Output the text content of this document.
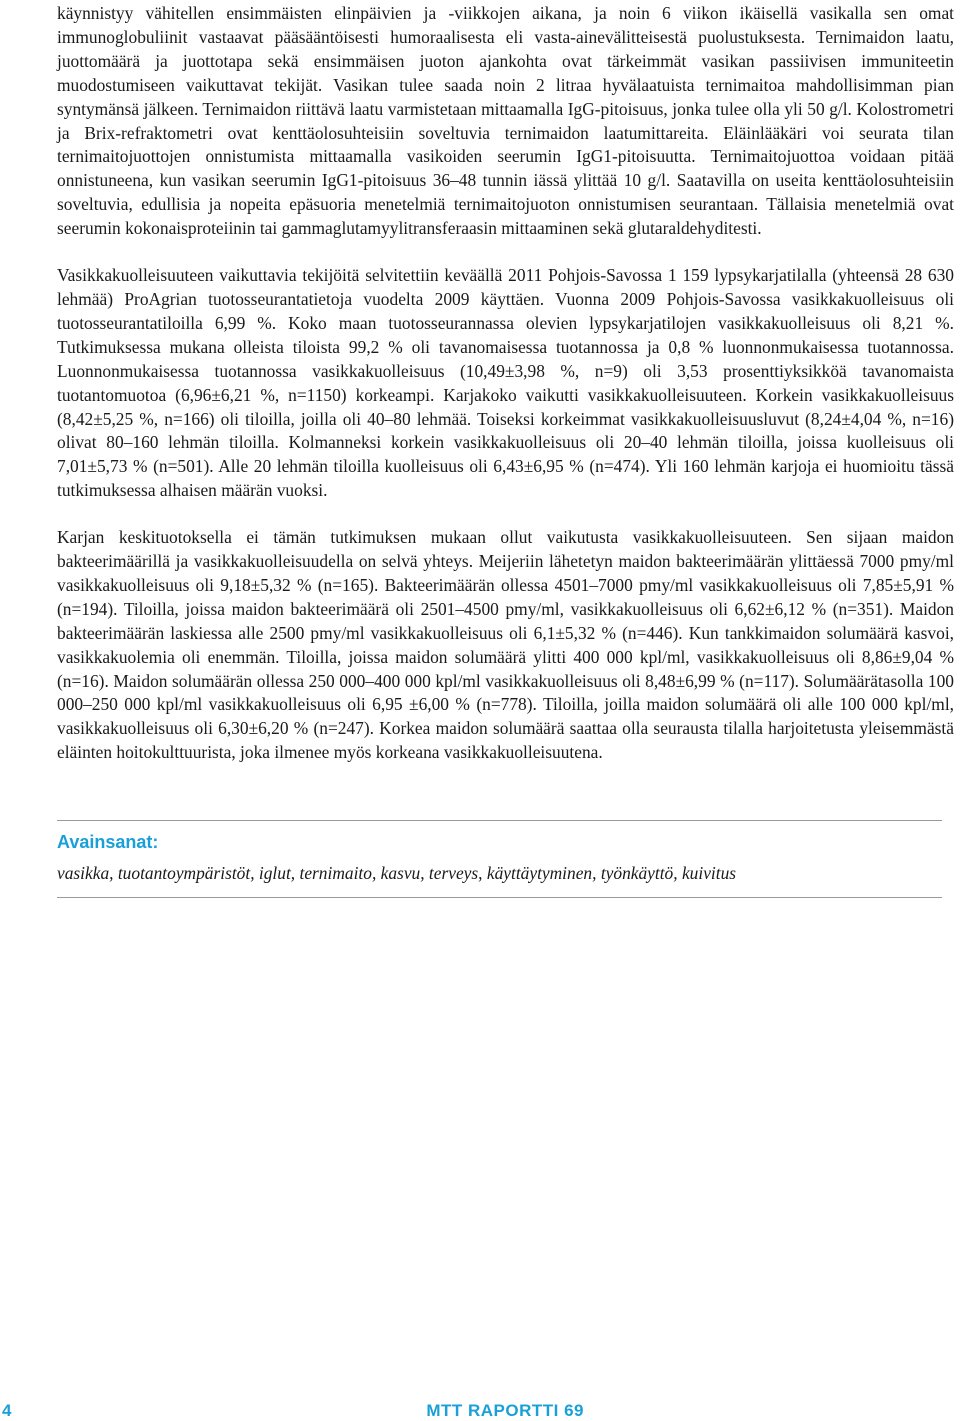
käynnistyy vähitellen ensimmäisten elinpäivien ja -viikkojen aikana, ja noin 6 viikon ikäisellä vasikalla sen omat immunoglobuliinit vastaavat pääsääntöisesti humoraalisesta eli vasta-ainevälitteisestä puolustuksesta. Ternimaidon laatu, juottomäärä ja juottotapa sekä ensimmäisen juoton ajankohta ovat tärkeimmät vasikan passiivisen immuniteetin muodostumiseen vaikuttavat tekijät. Vasikan tulee saada noin 2 litraa hyvälaatuista ternimaitoa mahdollisimman pian syntymänsä jälkeen. Ternimaidon riittävä laatu varmistetaan mittaamalla IgG-pitoisuus, jonka tulee olla yli 50 g/l. Kolostrometri ja Brix-refraktometri ovat kenttäolosuhteisiin soveltuvia ternimaidon laatumittareita. Eläinlääkäri voi seurata tilan ternimaitojuottojen onnistumista mittaamalla vasikoiden seerumin IgG1-pitoisuutta. Ternimaitojuottoa voidaan pitää onnistuneena, kun vasikan seerumin IgG1-pitoisuus 36–48 tunnin iässä ylittää 10 g/l. Saatavilla on useita kenttäolosuhteisiin soveltuvia, edullisia ja nopeita epäsuoria menetelmiä ternimaitojuoton onnistumisen seurantaan. Tällaisia menetelmiä ovat seerumin kokonaisproteiinin tai gammaglutamyylitransferaasin mittaaminen sekä glutaraldehyditesti.

Vasikkakuolleisuuteen vaikuttavia tekijöitä selvitettiin keväällä 2011 Pohjois-Savossa 1 159 lypsykarjatilalla (yhteensä 28 630 lehmää) ProAgrian tuotosseurantatietoja vuodelta 2009 käyttäen. Vuonna 2009 Pohjois-Savossa vasikkakuolleisuus oli tuotosseurantatiloilla 6,99 %. Koko maan tuotosseurannassa olevien lypsykarjatilojen vasikkakuolleisuus oli 8,21 %. Tutkimuksessa mukana olleista tiloista 99,2 % oli tavanomaisessa tuotannossa ja 0,8 % luonnonmukaisessa tuotannossa. Luonnonmukaisessa tuotannossa vasikkakuolleisuus (10,49±3,98 %, n=9) oli 3,53 prosenttiyksikköä tavanomaista tuotantomuotoa (6,96±6,21 %, n=1150) korkeampi. Karjakoko vaikutti vasikkakuolleisuuteen. Korkein vasikkakuolleisuus (8,42±5,25 %, n=166) oli tiloilla, joilla oli 40–80 lehmää. Toiseksi korkeimmat vasikkakuolleisuusluvut (8,24±4,04 %, n=16) olivat 80–160 lehmän tiloilla. Kolmanneksi korkein vasikkakuolleisuus oli 20–40 lehmän tiloilla, joissa kuolleisuus oli 7,01±5,73 % (n=501). Alle 20 lehmän tiloilla kuolleisuus oli 6,43±6,95 % (n=474). Yli 160 lehmän karjoja ei huomioitu tässä tutkimuksessa alhaisen määrän vuoksi.

Karjan keskituotoksella ei tämän tutkimuksen mukaan ollut vaikutusta vasikkakuolleisuuteen. Sen sijaan maidon bakteerimäärillä ja vasikkakuolleisuudella on selvä yhteys. Meijeriin lähetetyn maidon bakteerimäärän ylittäessä 7000 pmy/ml vasikkakuolleisuus oli 9,18±5,32 % (n=165). Bakteerimäärän ollessa 4501–7000 pmy/ml vasikkakuolleisuus oli 7,85±5,91 % (n=194). Tiloilla, joissa maidon bakteerimäärä oli 2501–4500 pmy/ml, vasikkakuolleisuus oli 6,62±6,12 % (n=351). Maidon bakteerimäärän laskiessa alle 2500 pmy/ml vasikkakuolleisuus oli 6,1±5,32 % (n=446). Kun tankkimaidon solumäärä kasvoi, vasikkakuolemia oli enemmän. Tiloilla, joissa maidon solumäärä ylitti 400 000 kpl/ml, vasikkakuolleisuus oli 8,86±9,04 % (n=16). Maidon solumäärän ollessa 250 000–400 000 kpl/ml vasikkakuolleisuus oli 8,48±6,99 % (n=117). Solumäärätasolla 100 000–250 000 kpl/ml vasikkakuolleisuus oli 6,95 ±6,00 % (n=778). Tiloilla, joilla maidon solumäärä oli alle 100 000 kpl/ml, vasikkakuolleisuus oli 6,30±6,20 % (n=247). Korkea maidon solumäärä saattaa olla seurausta tilalla harjoitetusta yleisemmästä eläinten hoitokulttuurista, joka ilmenee myös korkeana vasikkakuolleisuutena.

Avainsanat:
vasikka, tuotantoympäristöt, iglut, ternimaito, kasvu, terveys, käyttäytyminen, työnkäyttö, kuivitus
4	MTT RAPORTTI 69
